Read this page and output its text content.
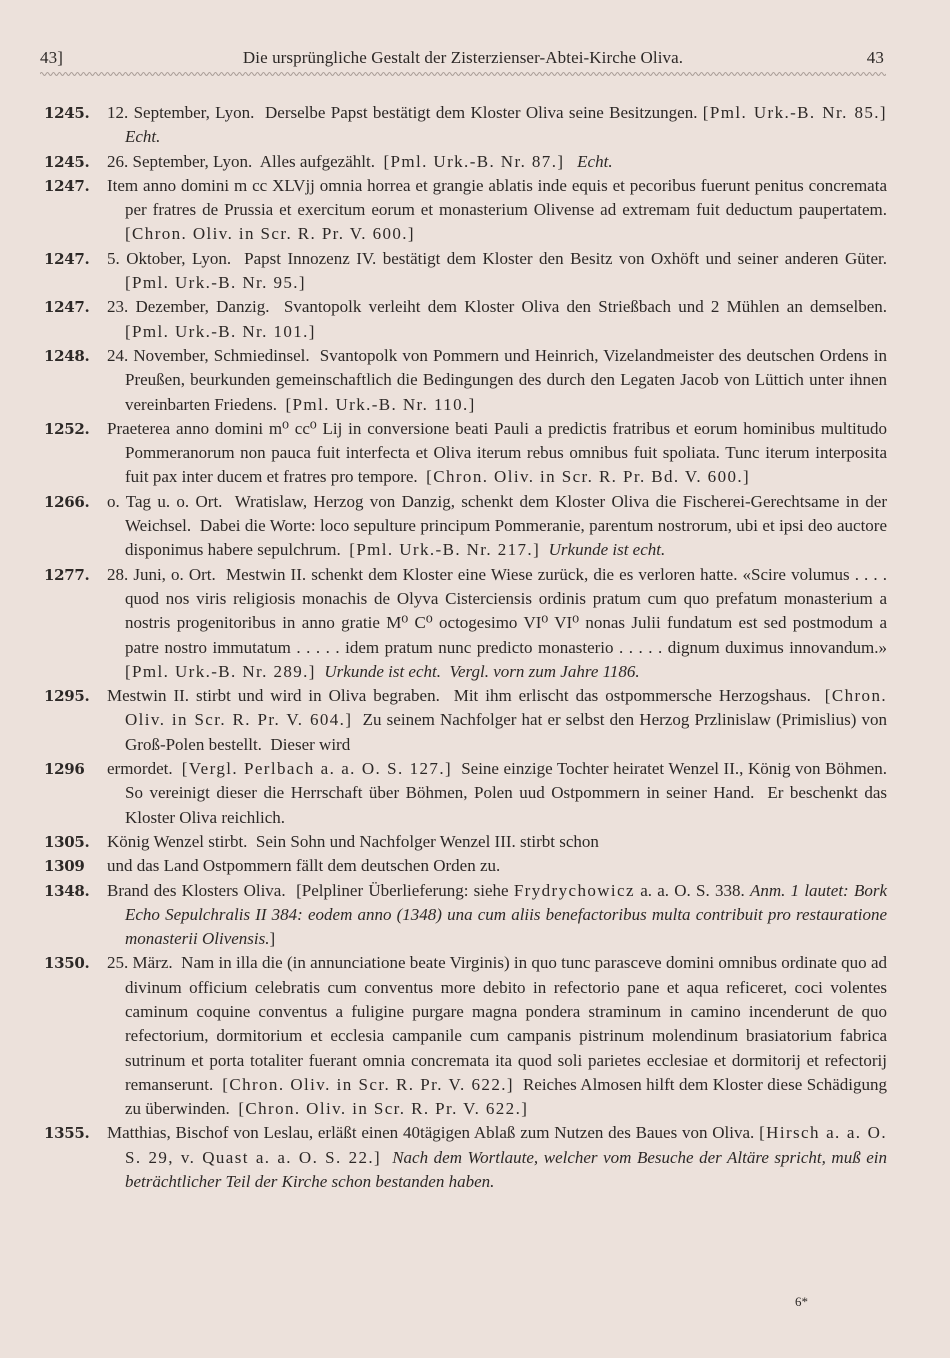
43]	Die ursprüngliche Gestalt der Zisterzienser-Abtei-Kirche Oliva.	43
1245. 12. September, Lyon.  Derselbe Papst bestätigt dem Kloster Oliva seine Besitzungen. [Pml. Urk.-B. Nr. 85.]  Echt.
1245. 26. September, Lyon.  Alles aufgezählt.  [Pml. Urk.-B. Nr. 87.] Echt.
1247. Item anno domini m cc XLVjj omnia horrea et grangie ablatis inde equis et pecoribus fuerunt penitus concremata per fratres de Prussia et exercitum eorum et monasterium Olivense ad extremam fuit deductum paupertatem.  [Chron. Oliv. in Scr. R. Pr. V. 600.]
1247. 5. Oktober, Lyon.  Papst Innozenz IV. bestätigt dem Kloster den Besitz von Oxhöft und seiner anderen Güter.  [Pml. Urk.-B. Nr. 95.]
1247. 23. Dezember, Danzig.  Svantopolk verleiht dem Kloster Oliva den Strießbach und 2 Mühlen an demselben.  [Pml. Urk.-B. Nr. 101.]
1248. 24. November, Schmiedinsel.  Svantopolk von Pommern und Heinrich, Vizelandmeister des deutschen Ordens in Preußen, beurkunden gemeinschaftlich die Bedingungen des durch den Legaten Jacob von Lüttich unter ihnen vereinbarten Friedens.  [Pml. Urk.-B. Nr. 110.]
1252. Praeterea anno domini m⁰ cc⁰ Lij in conversione beati Pauli a predictis fratribus et eorum hominibus multitudo Pommeranorum non pauca fuit interfecta et Oliva iterum rebus omnibus fuit spoliata. Tunc iterum interposita fuit pax inter ducem et fratres pro tempore.  [Chron. Oliv. in Scr. R. Pr. Bd. V. 600.]
1266. o. Tag u. o. Ort.  Wratislaw, Herzog von Danzig, schenkt dem Kloster Oliva die Fischerei-Gerechtsame in der Weichsel.  Dabei die Worte: loco sepulture principum Pommeranie, parentum nostrorum, ubi et ipsi deo auctore disponimus habere sepulchrum.  [Pml. Urk.-B. Nr. 217.] Urkunde ist echt.
1277. 28. Juni, o. Ort.  Mestwin II. schenkt dem Kloster eine Wiese zurück, die es verloren hatte. «Scire volumus . . . . quod nos viris religiosis monachis de Olyva Cisterciensis ordinis pratum cum quo prefatum monasterium a nostris progenitoribus in anno gratie M⁰ C⁰ octogesimo VI⁰ VI⁰ nonas Julii fundatum est sed postmodum a patre nostro immutatum . . . . . idem pratum nunc predicto monasterio . . . . . dignum duximus innovandum.»  [Pml. Urk.-B. Nr. 289.] Urkunde ist echt.  Vergl. vorn zum Jahre 1186.
1295. Mestwin II. stirbt und wird in Oliva begraben.  Mit ihm erlischt das ostpommersche Herzogshaus.  [Chron. Oliv. in Scr. R. Pr. V. 604.]  Zu seinem Nachfolger hat er selbst den Herzog Przlinislaw (Primislius) von Groß-Polen bestellt.  Dieser wird
1296 ermordet.  [Vergl. Perlbach a. a. O. S. 127.]  Seine einzige Tochter heiratet Wenzel II., König von Böhmen.  So vereinigt dieser die Herrschaft über Böhmen, Polen uud Ostpommern in seiner Hand.  Er beschenkt das Kloster Oliva reichlich.
1305. König Wenzel stirbt.  Sein Sohn und Nachfolger Wenzel III. stirbt schon
1309 und das Land Ostpommern fällt dem deutschen Orden zu.
1348. Brand des Klosters Oliva.  [Pelpliner Überlieferung: siehe Frydrychowicz a. a. O. S. 338. Anm. 1 lautet: Bork Echo Sepulchralis II 384: eodem anno (1348) una cum aliis benefactoribus multa contribuit pro restauratione monasterii Olivensis.]
1350. 25. März.  Nam in illa die (in annunciatione beate Virginis) in quo tunc parasceve domini omnibus ordinate quo ad divinum officium celebratis cum conventus more debito in refectorio pane et aqua reficeret, coci volentes caminum coquine conventus a fuligine purgare magna pondera straminum in camino incenderunt de quo refectorium, dormitorium et ecclesia campanile cum campanis pistrinum molendinum brasiatorium fabrica sutrinum et porta totaliter fuerant omnia concremata ita quod soli parietes ecclesiae et dormitorij et refectorij remanserunt.  [Chron. Oliv. in Scr. R. Pr. V. 622.]  Reiches Almosen hilft dem Kloster diese Schädigung zu überwinden.  [Chron. Oliv. in Scr. R. Pr. V. 622.]
1355. Matthias, Bischof von Leslau, erläßt einen 40tägigen Ablaß zum Nutzen des Baues von Oliva. [Hirsch a. a. O. S. 29, v. Quast a. a. O. S. 22.] Nach dem Wortlaute, welcher vom Besuche der Altäre spricht, muß ein beträchtlicher Teil der Kirche schon bestanden haben.
6*
